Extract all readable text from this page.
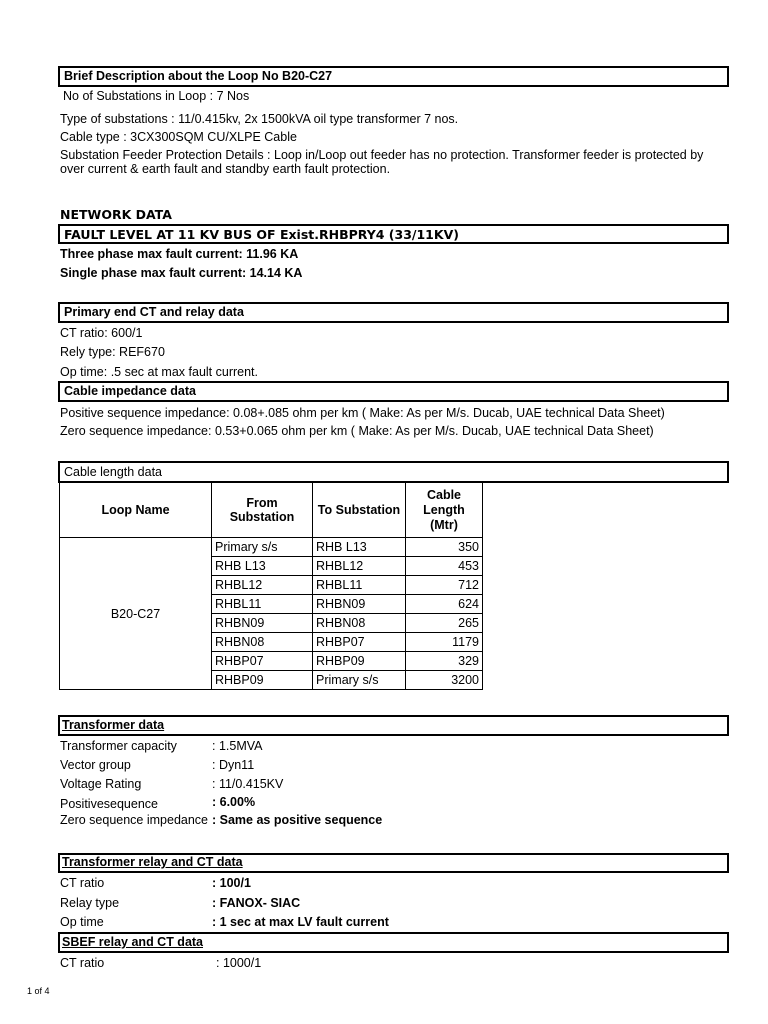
Brief Description about the Loop No B20-C27
No of Substations in Loop : 7 Nos
Type of substations : 11/0.415kv, 2x 1500kVA oil type transformer 7 nos.
Cable type : 3CX300SQM CU/XLPE Cable
Substation Feeder Protection Details : Loop in/Loop out feeder has no protection. Transformer feeder is protected by
over current & earth fault and standby earth fault protection.
NETWORK DATA
FAULT LEVEL AT 11 KV BUS OF Exist.RHBPRY4 (33/11KV)
Three phase max fault current: 11.96 KA
Single phase max fault current: 14.14 KA
Primary end CT and relay data
CT ratio: 600/1
Rely type: REF670
Op time: .5 sec at max fault current.
Cable impedance data
Positive sequence impedance: 0.08+.085 ohm per km ( Make: As per M/s. Ducab, UAE technical Data Sheet)
Zero sequence impedance: 0.53+0.065 ohm per km ( Make: As per M/s. Ducab, UAE technical Data Sheet)
Cable length data
Loop Name	From Substation	To Substation	Cable Length
(Mtr)
B20-C27	Primary s/s	RHB L13	350
	RHB L13	RHBL12	453
	RHBL12	RHBL11	712
	RHBL11	RHBN09	624
	RHBN09	RHBN08	265
	RHBN08	RHBP07	1179
	RHBP07	RHBP09	329
	RHBP09	Primary s/s	3200
Transformer data
Transformer capacity	: 1.5MVA
Vector group	: Dyn11
Voltage Rating	: 11/0.415KV
Positivesequence	: 6.00%
Zero sequence impedance : Same as positive sequence
Transformer relay and CT data
CT ratio	: 100/1
Relay type	: FANOX- SIAC
Op time	: 1 sec at max LV fault current
SBEF relay and CT data
CT ratio	: 1000/1
1 of 4
